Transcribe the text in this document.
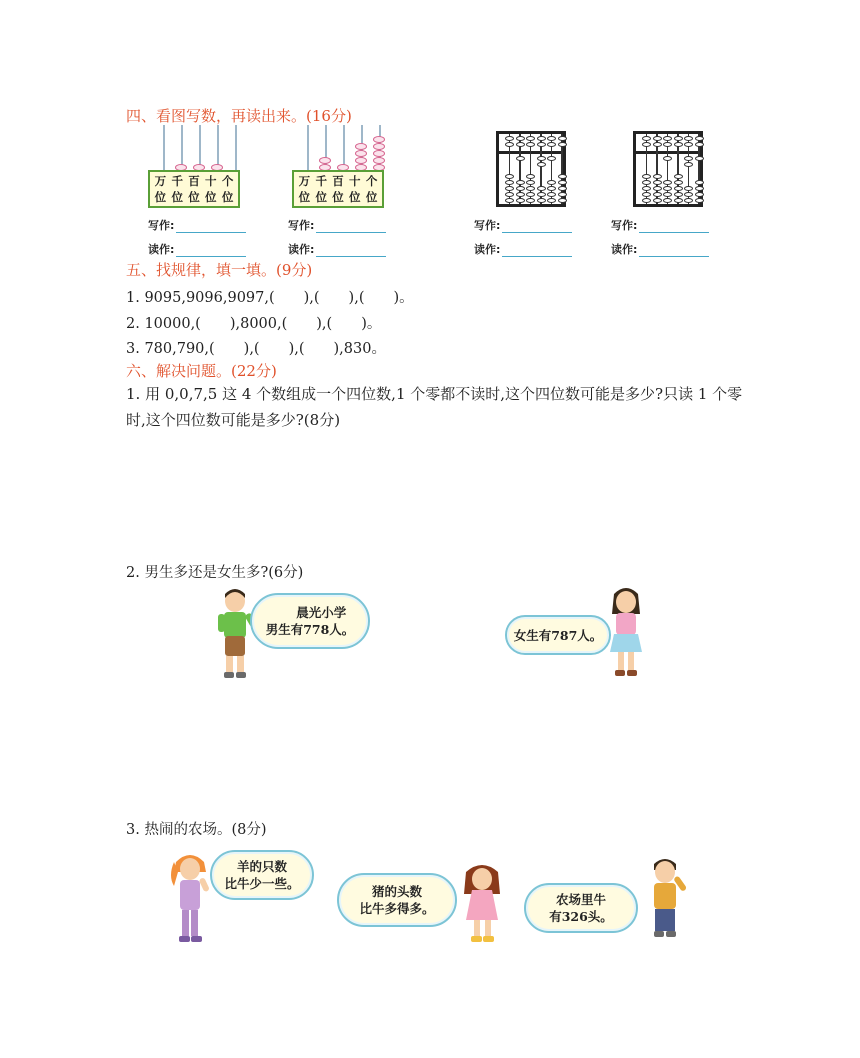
四、看图写数，再读出来。(16分)
万 千 百 十 个
位 位 位 位 位
写作:
读作:
万 千 百 十 个
位 位 位 位 位
写作:
读作:
写作:
读作:
写作:
读作:
五、找规律，填一填。(9分)
1. 9095,9096,9097,(　　),(　　),(　　)。
2. 10000,(　　),8000,(　　),(　　)。
3. 780,790,(　　),(　　),(　　),830。
六、解决问题。(22分)
1. 用 0,0,7,5 这 4 个数组成一个四位数,1 个零都不读时,这个四位数可能是多少?只读 1 个零时,这个四位数可能是多少?(8分)
2. 男生多还是女生多?(6分)
晨光小学
男生有778人。	女生有787人。
3. 热闹的农场。(8分)
羊的只数
比牛少一些。
猪的头数
比牛多得多。
农场里牛
有326头。
